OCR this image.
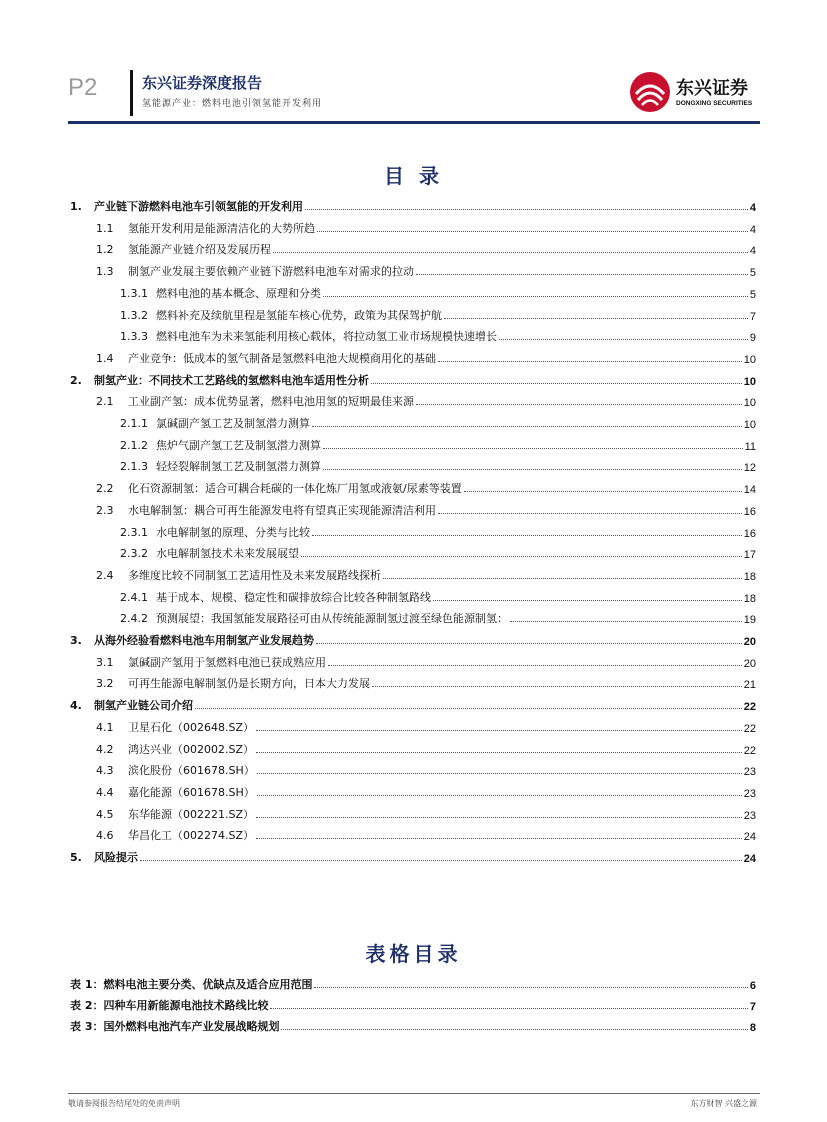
P2	东兴证券深度报告
氢能源产业：燃料电池引领氢能开发利用
东兴证券
DONGXING SECURITIES
目 录
1. 产业链下游燃料电池车引领氢能的开发利用	4
1.1 氢能开发利用是能源清洁化的大势所趋	4
1.2 氢能源产业链介绍及发展历程	4
1.3 制氢产业发展主要依赖产业链下游燃料电池车对需求的拉动	5
1.3.1 燃料电池的基本概念、原理和分类	5
1.3.2 燃料补充及续航里程是氢能车核心优势，政策为其保驾护航	7
1.3.3 燃料电池车为未来氢能利用核心载体，将拉动氢工业市场规模快速增长	9
1.4 产业竞争：低成本的氢气制备是氢燃料电池大规模商用化的基础	10
2. 制氢产业：不同技术工艺路线的氢燃料电池车适用性分析	10
2.1 工业副产氢：成本优势显著，燃料电池用氢的短期最佳来源	10
2.1.1 氯碱副产氢工艺及制氢潜力测算	10
2.1.2 焦炉气副产氢工艺及制氢潜力测算	11
2.1.3 轻烃裂解制氢工艺及制氢潜力测算	12
2.2 化石资源制氢：适合可耦合耗碳的一体化炼厂用氢或液氨/尿素等装置	14
2.3 水电解制氢：耦合可再生能源发电将有望真正实现能源清洁利用	16
2.3.1 水电解制氢的原理、分类与比较	16
2.3.2 水电解制氢技术未来发展展望	17
2.4 多维度比较不同制氢工艺适用性及未来发展路线探析	18
2.4.1 基于成本、规模、稳定性和碳排放综合比较各种制氢路线	18
2.4.2 预测展望：我国氢能发展路径可由从传统能源制氢过渡至绿色能源制氢：	19
3. 从海外经验看燃料电池车用制氢产业发展趋势	20
3.1 氯碱副产氢用于氢燃料电池已获成熟应用	20
3.2 可再生能源电解制氢仍是长期方向，日本大力发展	21
4. 制氢产业链公司介绍	22
4.1 卫星石化（002648.SZ）	22
4.2 鸿达兴业（002002.SZ）	22
4.3 滨化股份（601678.SH）	23
4.4 嘉化能源（601678.SH）	23
4.5 东华能源（002221.SZ）	23
4.6 华昌化工（002274.SZ）	24
5. 风险提示	24
表格目录
表 1：燃料电池主要分类、优缺点及适合应用范围	6
表 2：四种车用新能源电池技术路线比较	7
表 3：国外燃料电池汽车产业发展战略规划	8
敬请参阅报告结尾处的免责声明	东方财智 兴盛之源
